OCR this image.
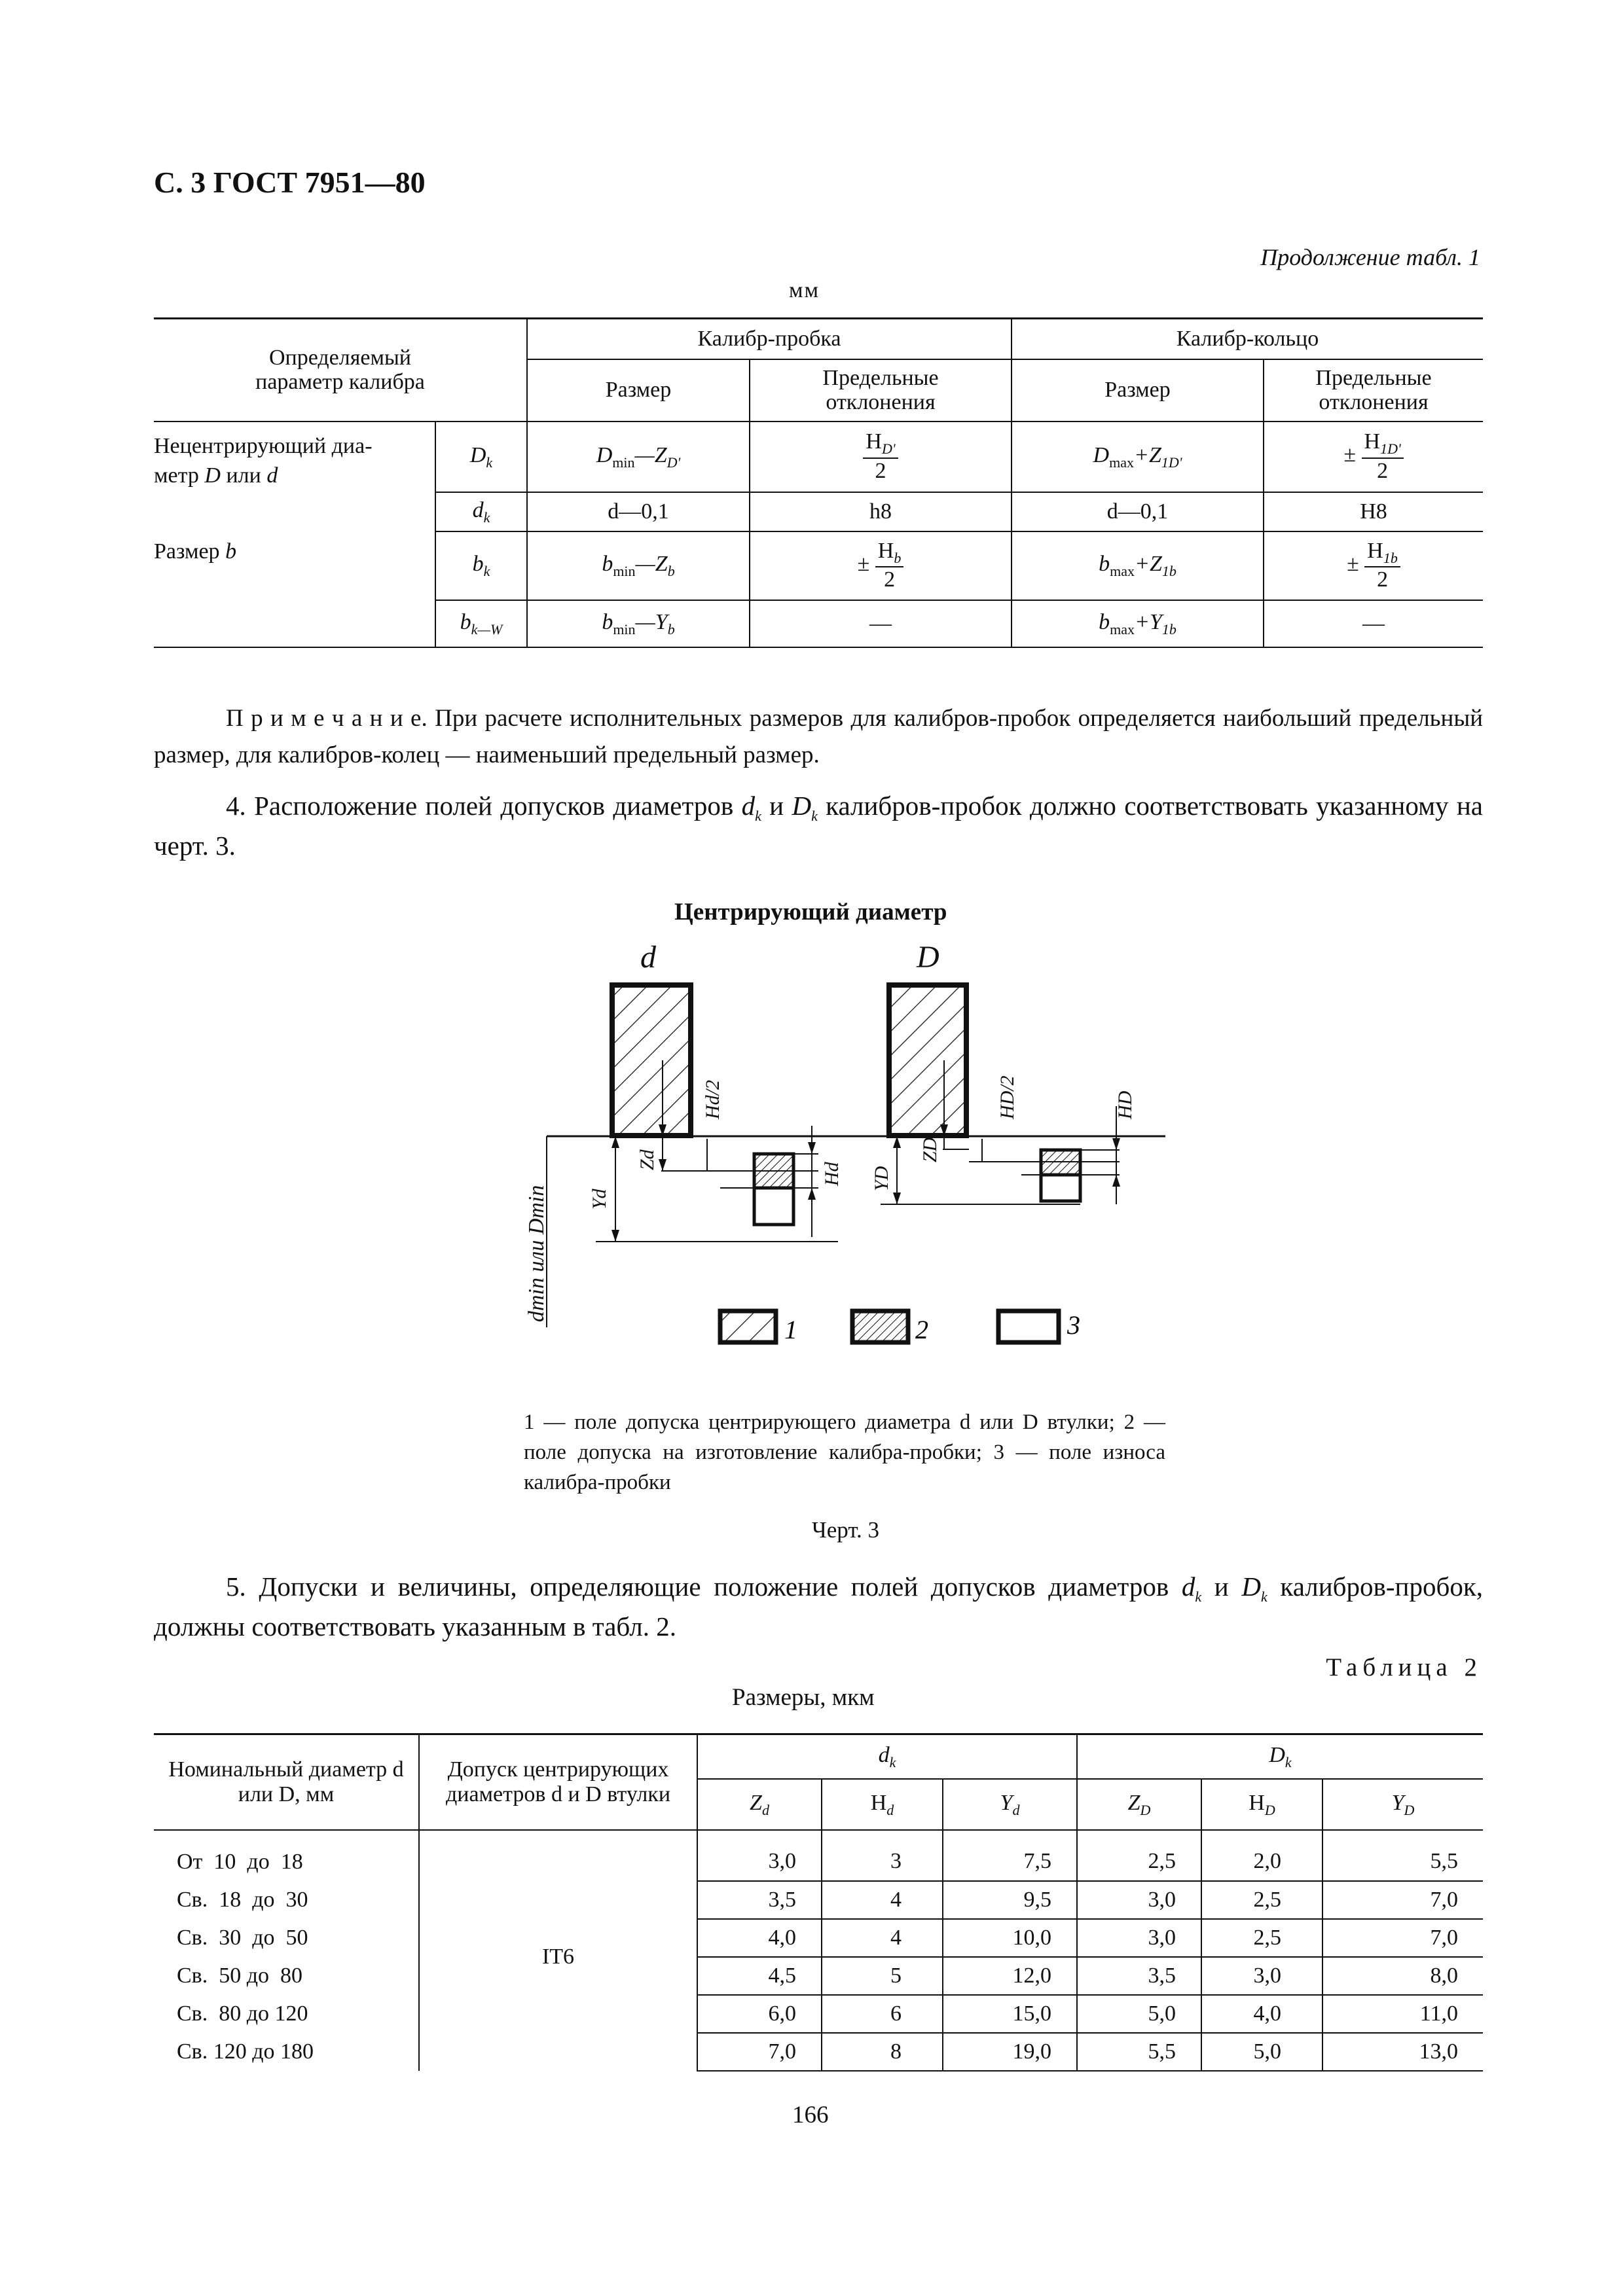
С. 3 ГОСТ 7951—80
Продолжение табл. 1
мм
Определяемый параметр калибра		Калибр-пробка		Калибр-кольцо	
		Размер	Предельные отклонения	Размер	Предельные отклонения

Нецентрирующий диа-
метр D или d	$D_k$	$D_{min}—Z_{D'}$	$\frac{H_{D'}}{2}$	$D_{max}+Z_{1D'}$	± $\frac{H_{1D'}}{2}$

	$d_k$	d—0,1	h8	d—0,1	H8
Размер b	$b_k$	$b_{min}—Z_b$	± $\frac{H_b}{2}$	$b_{max}+Z_{1b}$	± $\frac{H_{1b}}{2}$

	$b_{k—W}$	$b_{min}—Y_b$	—	$b_{max}+Y_{1b}$	—
П р и м е ч а н и е. При расчете исполнительных размеров для калибров-пробок определяется наибольший предельный размер, для калибров-колец — наименьший предельный размер.
4. Расположение полей допусков диаметров $d_k$ и $D_k$ калибров-пробок должно соответствовать указанному на черт. 3.
Центрирующий диаметр
d	D
Hd/2	HD/2	HD
Zd	ZD
Yd
YD
Hd
dmin или Dmin
1	2	3
1 — поле допуска центрирующего диаметра d или D втулки; 2 — поле допуска на изготовление калибра-пробки; 3 — поле износа калибра-пробки
Черт. 3
5. Допуски и величины, определяющие положение полей допусков диаметров $d_k$ и $D_k$ калибров-пробок, должны соответствовать указанным в табл. 2.
Таблица 2
Размеры, мкм
Номинальный диаметр d или D, мм	Допуск центрирующих диаметров d и D втулки	$d_k$			$D_k$
		$Z_d$	$H_d$	$Y_d$	$Z_D$	$H_D$	$Y_D$

От  10  до  18	IT6	3,0	3	7,5	2,5	2,0	5,5
Св.  18  до  30		3,5	4	9,5	3,0	2,5	7,0
Св.  30  до  50		4,0	4	10,0	3,0	2,5	7,0
Св.  50 до  80		4,5	5	12,0	3,5	3,0	8,0
Св.  80 до 120		6,0	6	15,0	5,0	4,0	11,0
Св. 120 до 180		7,0	8	19,0	5,5	5,0	13,0
166
